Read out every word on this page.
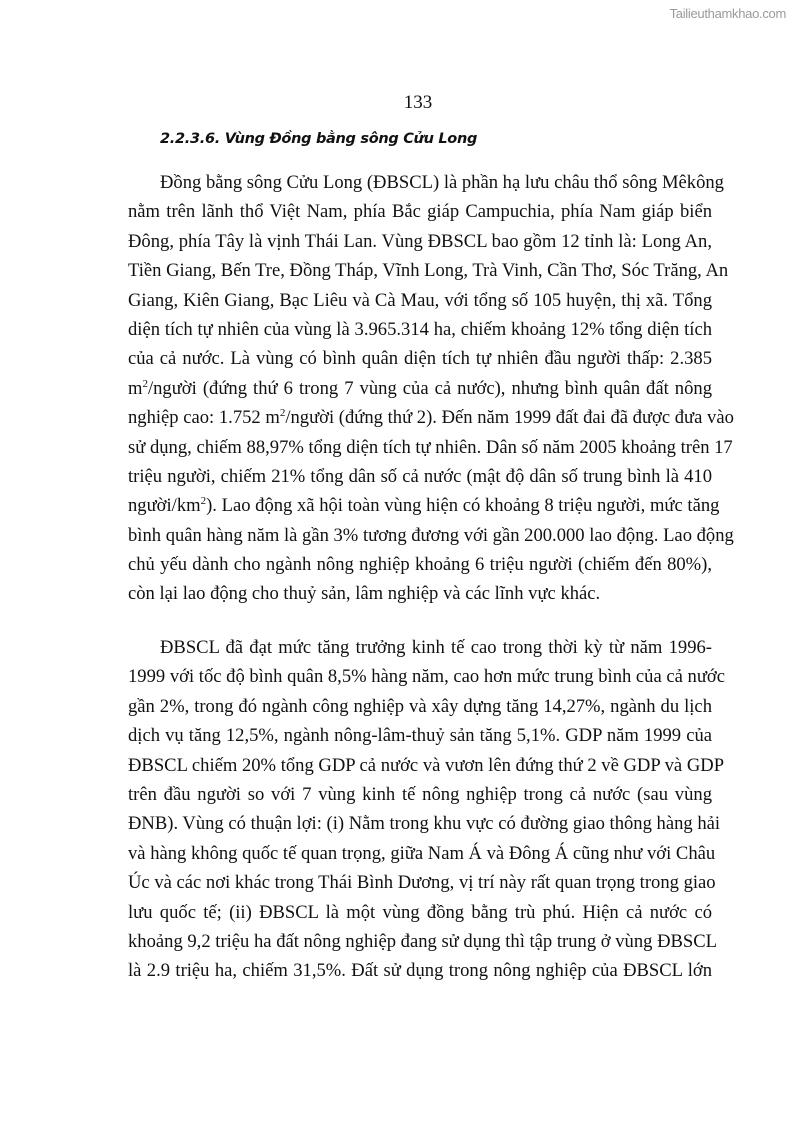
Tailieuthamkhao.com
133
2.2.3.6. Vùng Đồng bằng sông Cửu Long
Đồng bằng sông Cửu Long (ĐBSCL) là phần hạ lưu châu thổ sông Mêkông
nằm trên lãnh thổ Việt Nam, phía Bắc giáp Campuchia, phía Nam giáp biển
Đông, phía Tây là vịnh Thái Lan. Vùng ĐBSCL bao gồm 12 tỉnh là: Long An,
Tiền Giang, Bến Tre, Đồng Tháp, Vĩnh Long, Trà Vinh, Cần Thơ, Sóc Trăng, An
Giang, Kiên Giang, Bạc Liêu và Cà Mau, với tổng số 105 huyện, thị xã. Tổng
diện tích tự nhiên của vùng là 3.965.314 ha, chiếm khoảng 12% tổng diện tích
của cả nước. Là vùng có bình quân diện tích tự nhiên đầu người thấp: 2.385
$m^2$/người (đứng thứ 6 trong 7 vùng của cả nước), nhưng bình quân đất nông
nghiệp cao: 1.752 $m^2$/người (đứng thứ 2). Đến năm 1999 đất đai đã được đưa vào
sử dụng, chiếm 88,97% tổng diện tích tự nhiên. Dân số năm 2005 khoảng trên 17
triệu người, chiếm 21% tổng dân số cả nước (mật độ dân số trung bình là 410
người/$km^2$). Lao động xã hội toàn vùng hiện có khoảng 8 triệu người, mức tăng
bình quân hàng năm là gần 3% tương đương với gần 200.000 lao động. Lao động
chủ yếu dành cho ngành nông nghiệp khoảng 6 triệu người (chiếm đến 80%),
còn lại lao động cho thuỷ sản, lâm nghiệp và các lĩnh vực khác.
ĐBSCL đã đạt mức tăng trưởng kinh tế cao trong thời kỳ từ năm 1996-
1999 với tốc độ bình quân 8,5% hàng năm, cao hơn mức trung bình của cả nước
gần 2%, trong đó ngành công nghiệp và xây dựng tăng 14,27%, ngành du lịch
dịch vụ tăng 12,5%, ngành nông-lâm-thuỷ sản tăng 5,1%. GDP năm 1999 của
ĐBSCL chiếm 20% tổng GDP cả nước và vươn lên đứng thứ 2 về GDP và GDP
trên đầu người so với 7 vùng kinh tế nông nghiệp trong cả nước (sau vùng
ĐNB). Vùng có thuận lợi: (i) Nằm trong khu vực có đường giao thông hàng hải
và hàng không quốc tế quan trọng, giữa Nam Á và Đông Á cũng như với Châu
Úc và các nơi khác trong Thái Bình Dương, vị trí này rất quan trọng trong giao
lưu quốc tế; (ii) ĐBSCL là một vùng đồng bằng trù phú. Hiện cả nước có
khoảng 9,2 triệu ha đất nông nghiệp đang sử dụng thì tập trung ở vùng ĐBSCL
là 2.9 triệu ha, chiếm 31,5%. Đất sử dụng trong nông nghiệp của ĐBSCL lớn
